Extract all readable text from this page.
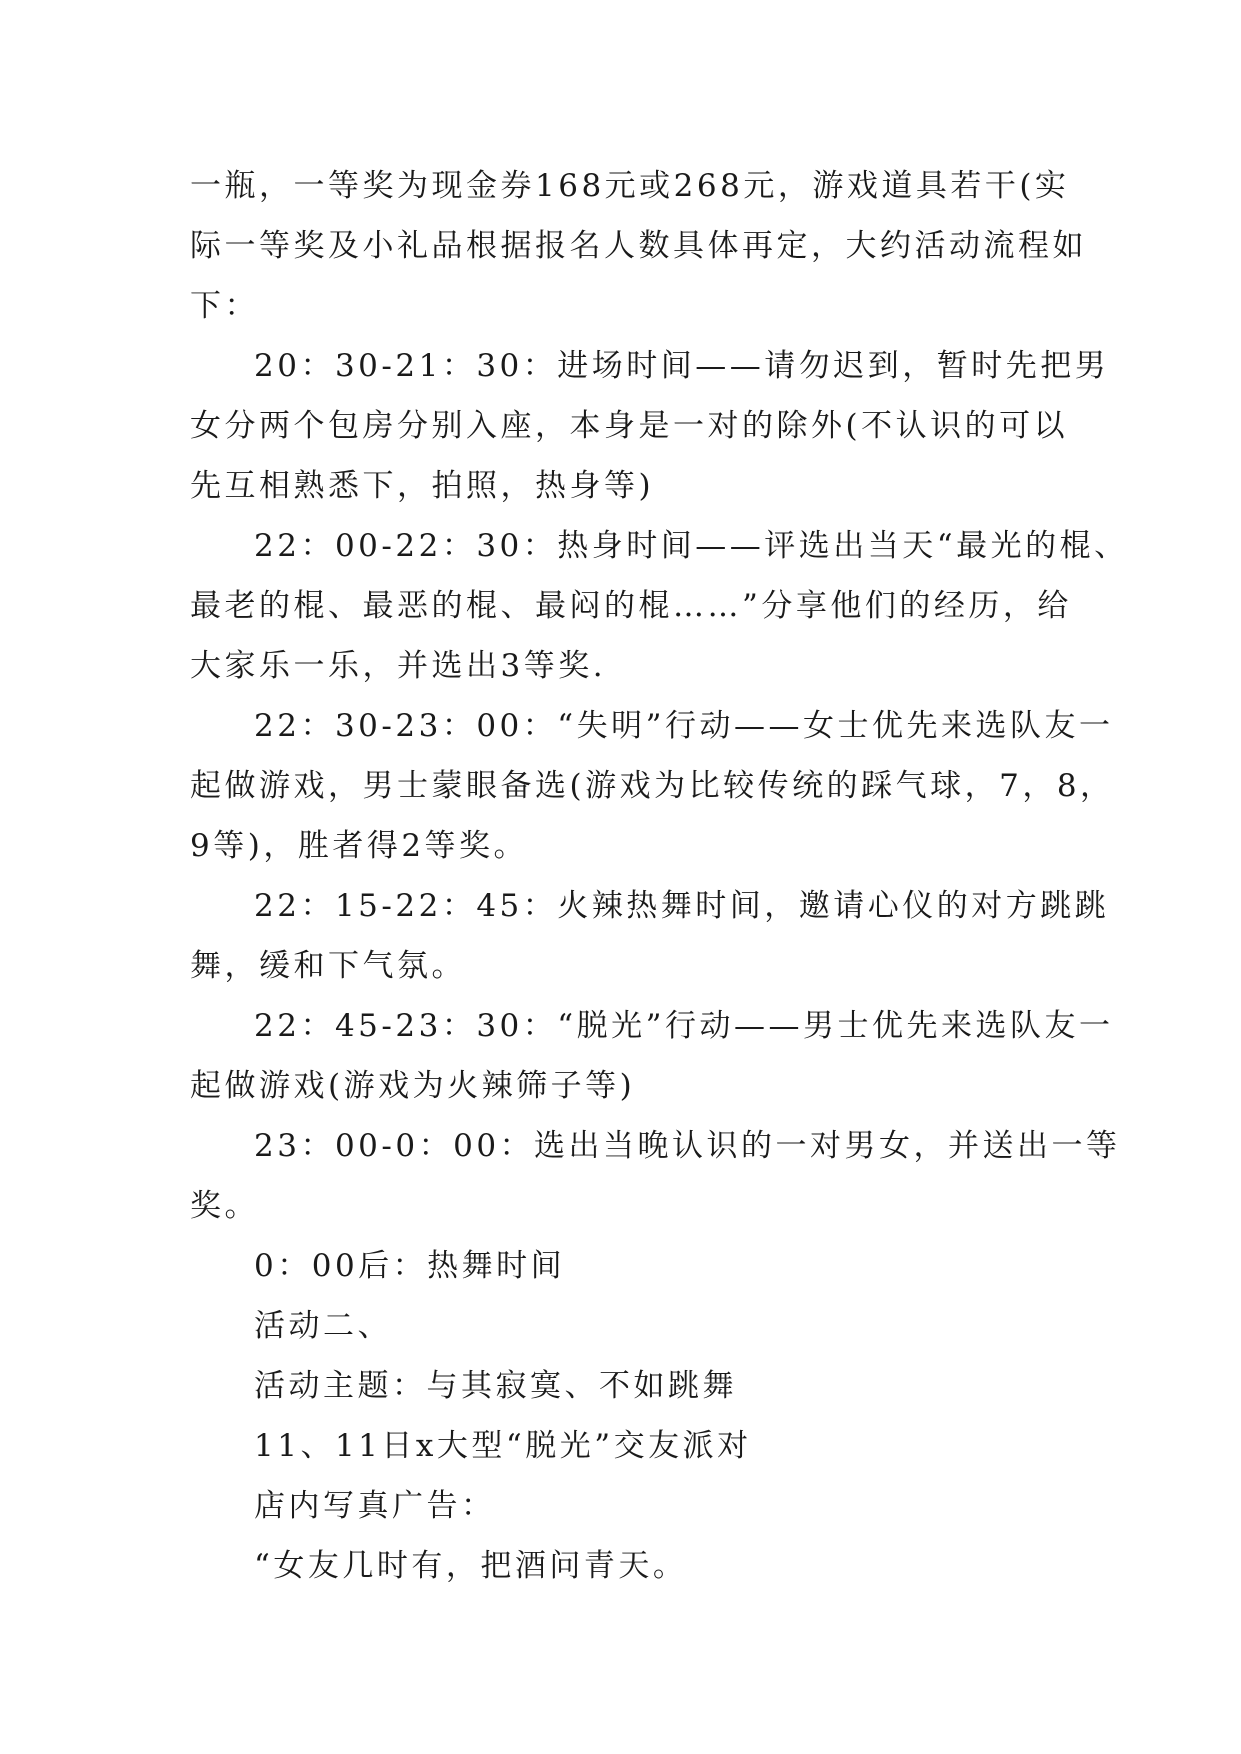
一瓶，一等奖为现金券168元或268元，游戏道具若干(实
际一等奖及小礼品根据报名人数具体再定，大约活动流程如
下：
20：30-21：30：进场时间——请勿迟到，暂时先把男
女分两个包房分别入座，本身是一对的除外(不认识的可以
先互相熟悉下，拍照，热身等)
22：00-22：30：热身时间——评选出当天“最光的棍、
最老的棍、最恶的棍、最闷的棍……”分享他们的经历，给
大家乐一乐，并选出3等奖.
22：30-23：00：“失明”行动——女士优先来选队友一
起做游戏，男士蒙眼备选(游戏为比较传统的踩气球，7，8，
9等)，胜者得2等奖。
22：15-22：45：火辣热舞时间，邀请心仪的对方跳跳
舞，缓和下气氛。
22：45-23：30：“脱光”行动——男士优先来选队友一
起做游戏(游戏为火辣筛子等)
23：00-0：00：选出当晚认识的一对男女，并送出一等
奖。
0：00后：热舞时间
活动二、
活动主题：与其寂寞、不如跳舞
11、11日x大型“脱光”交友派对
店内写真广告：
“女友几时有，把酒问青天。
